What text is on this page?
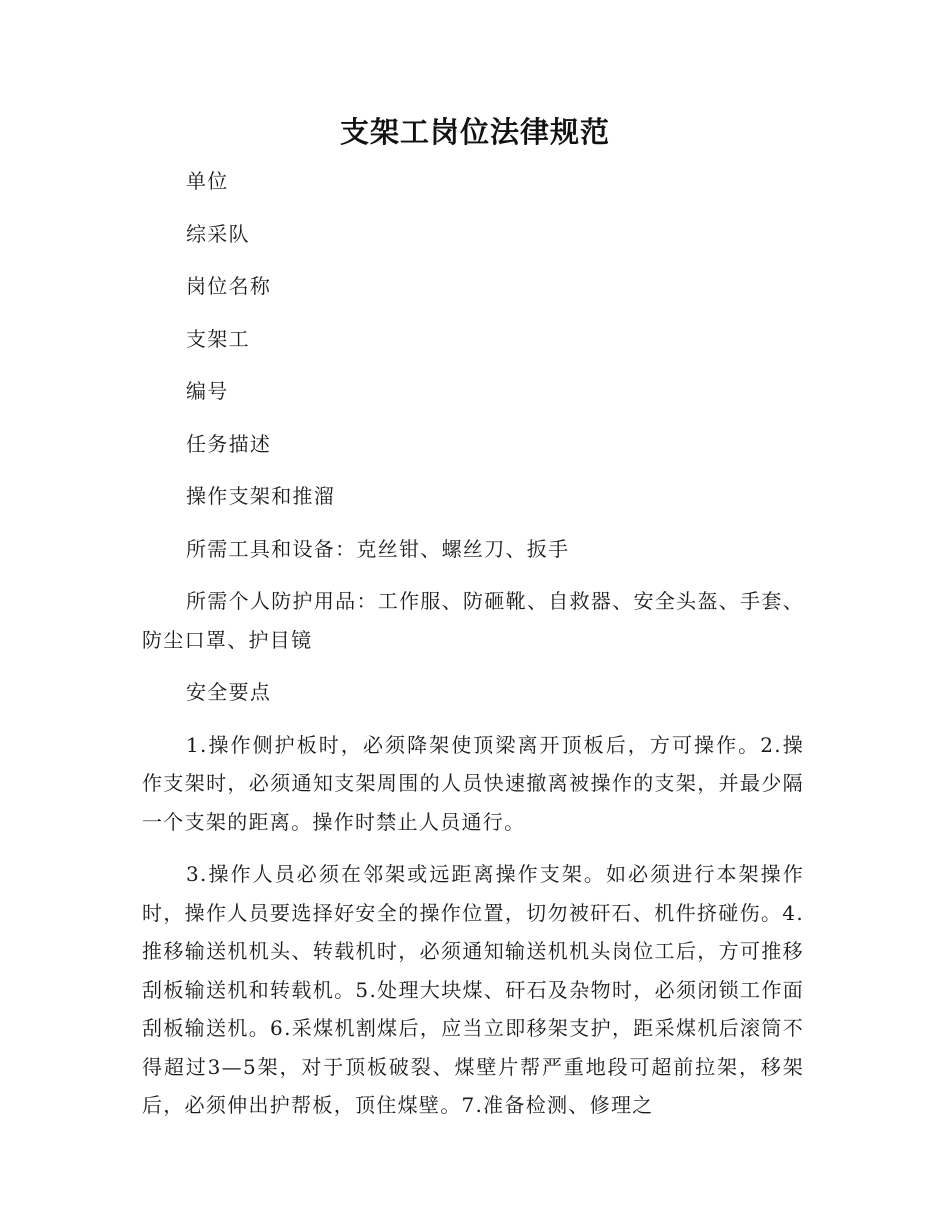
支架工岗位法律规范

单位

综采队

岗位名称

支架工

编号

任务描述

操作支架和推溜

所需工具和设备：克丝钳、螺丝刀、扳手

所需个人防护用品：工作服、防砸靴、自救器、安全头盔、手套、防尘口罩、护目镜

安全要点

1.操作侧护板时，必须降架使顶梁离开顶板后，方可操作。2.操作支架时，必须通知支架周围的人员快速撤离被操作的支架，并最少隔一个支架的距离。操作时禁止人员通行。

3.操作人员必须在邻架或远距离操作支架。如必须进行本架操作时，操作人员要选择好安全的操作位置，切勿被矸石、机件挤碰伤。4.推移输送机机头、转载机时，必须通知输送机机头岗位工后，方可推移刮板输送机和转载机。5.处理大块煤、矸石及杂物时，必须闭锁工作面刮板输送机。6.采煤机割煤后，应当立即移架支护，距采煤机后滚筒不得超过3—5架，对于顶板破裂、煤壁片帮严重地段可超前拉架，移架后，必须伸出护帮板，顶住煤壁。7.准备检测、修理之
